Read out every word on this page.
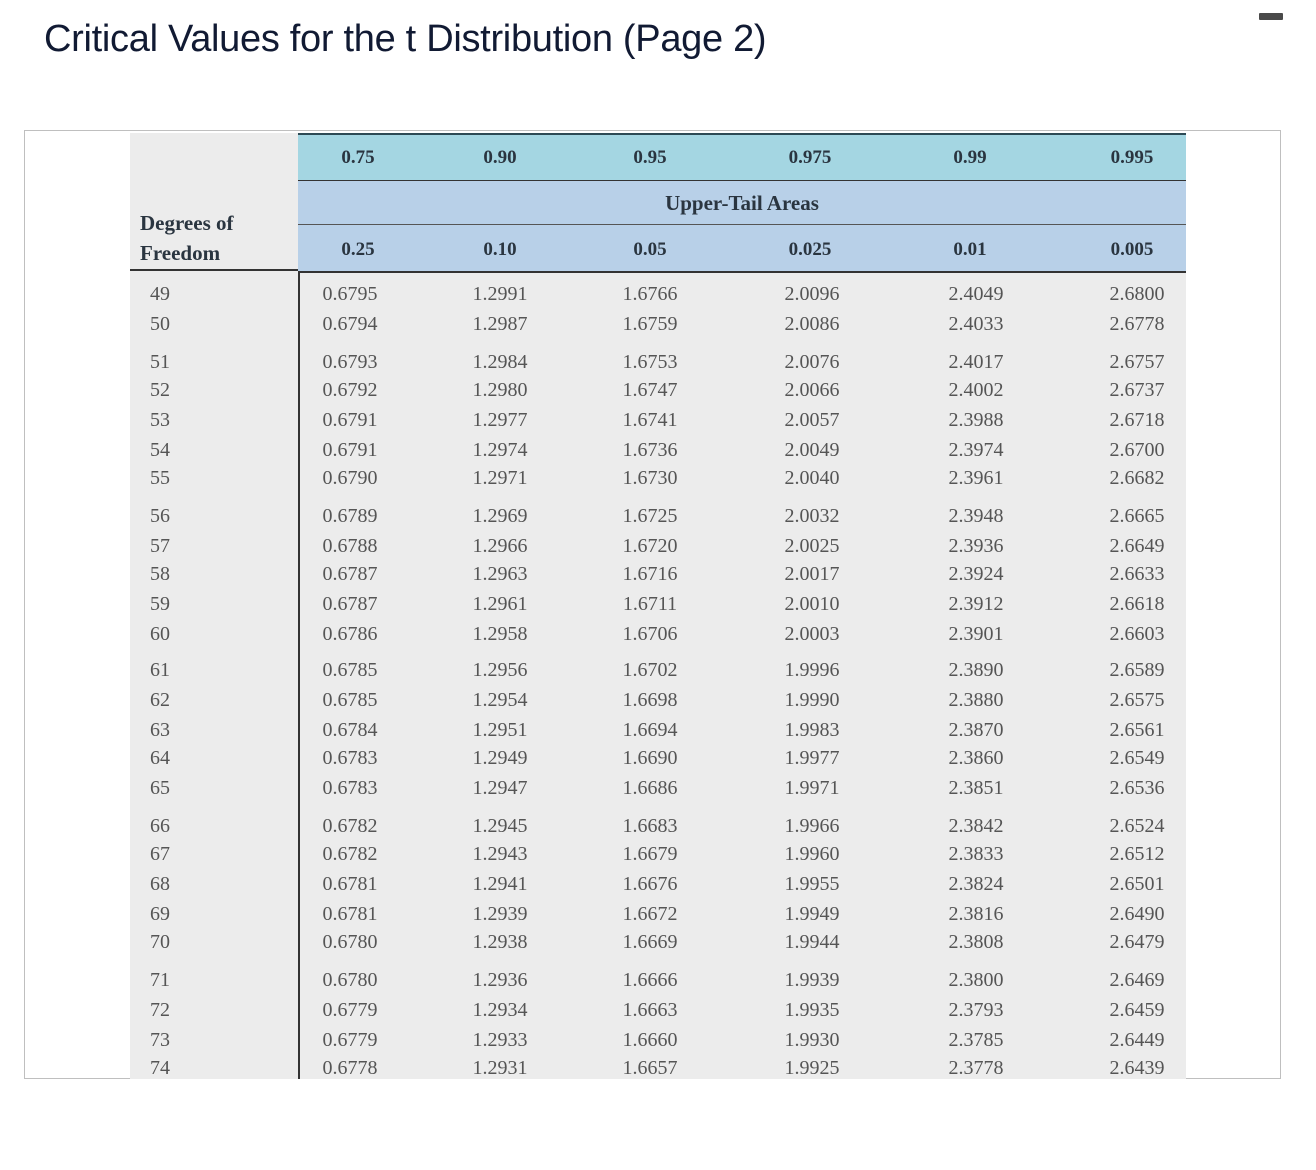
Critical Values for the t Distribution (Page 2)
Degrees of
Freedom
0.75	0.90	0.95	0.975	0.99	0.995
Upper-Tail Areas
0.25	0.10	0.05	0.025	0.01	0.005
49	0.6795	1.2991	1.6766	2.0096	2.4049	2.6800
50	0.6794	1.2987	1.6759	2.0086	2.4033	2.6778
51	0.6793	1.2984	1.6753	2.0076	2.4017	2.6757
52	0.6792	1.2980	1.6747	2.0066	2.4002	2.6737
53	0.6791	1.2977	1.6741	2.0057	2.3988	2.6718
54	0.6791	1.2974	1.6736	2.0049	2.3974	2.6700
55	0.6790	1.2971	1.6730	2.0040	2.3961	2.6682
56	0.6789	1.2969	1.6725	2.0032	2.3948	2.6665
57	0.6788	1.2966	1.6720	2.0025	2.3936	2.6649
58	0.6787	1.2963	1.6716	2.0017	2.3924	2.6633
59	0.6787	1.2961	1.6711	2.0010	2.3912	2.6618
60	0.6786	1.2958	1.6706	2.0003	2.3901	2.6603
61	0.6785	1.2956	1.6702	1.9996	2.3890	2.6589
62	0.6785	1.2954	1.6698	1.9990	2.3880	2.6575
63	0.6784	1.2951	1.6694	1.9983	2.3870	2.6561
64	0.6783	1.2949	1.6690	1.9977	2.3860	2.6549
65	0.6783	1.2947	1.6686	1.9971	2.3851	2.6536
66	0.6782	1.2945	1.6683	1.9966	2.3842	2.6524
67	0.6782	1.2943	1.6679	1.9960	2.3833	2.6512
68	0.6781	1.2941	1.6676	1.9955	2.3824	2.6501
69	0.6781	1.2939	1.6672	1.9949	2.3816	2.6490
70	0.6780	1.2938	1.6669	1.9944	2.3808	2.6479
71	0.6780	1.2936	1.6666	1.9939	2.3800	2.6469
72	0.6779	1.2934	1.6663	1.9935	2.3793	2.6459
73	0.6779	1.2933	1.6660	1.9930	2.3785	2.6449
74	0.6778	1.2931	1.6657	1.9925	2.3778	2.6439
